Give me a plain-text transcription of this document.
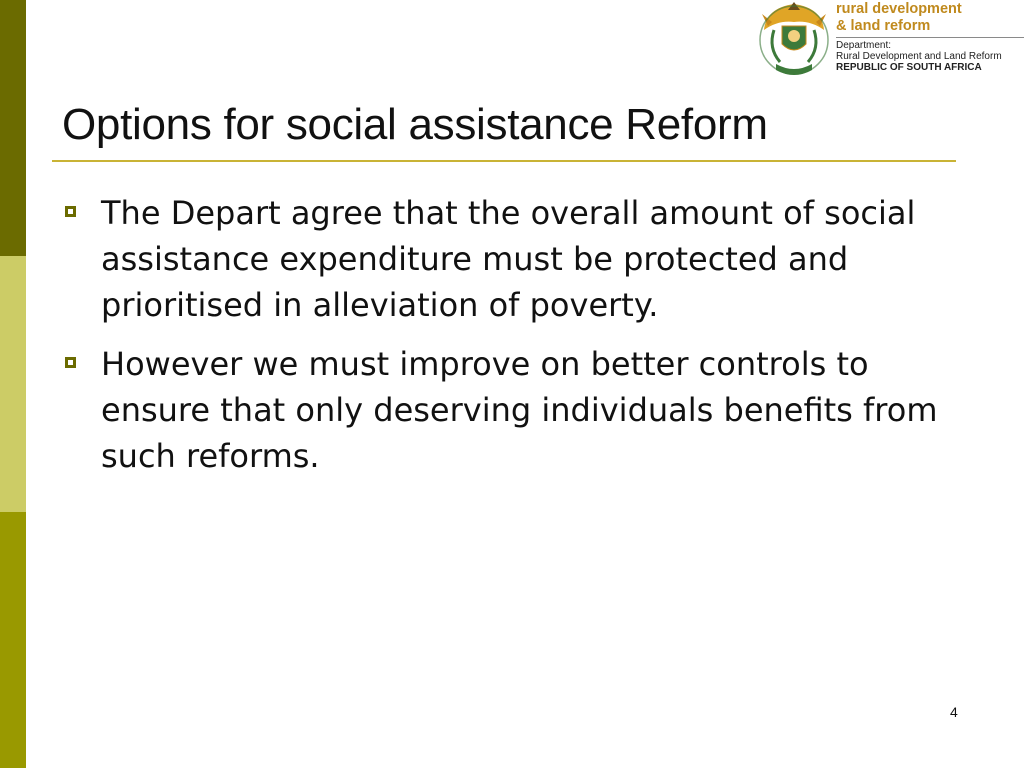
rural development
& land reform
Department:
Rural Development and Land Reform
REPUBLIC OF SOUTH AFRICA
Options for social assistance Reform
The Depart agree that the overall amount of social assistance expenditure must be protected and prioritised in alleviation of poverty.
However we must improve on better controls to ensure that only deserving individuals benefits from such reforms.
4
